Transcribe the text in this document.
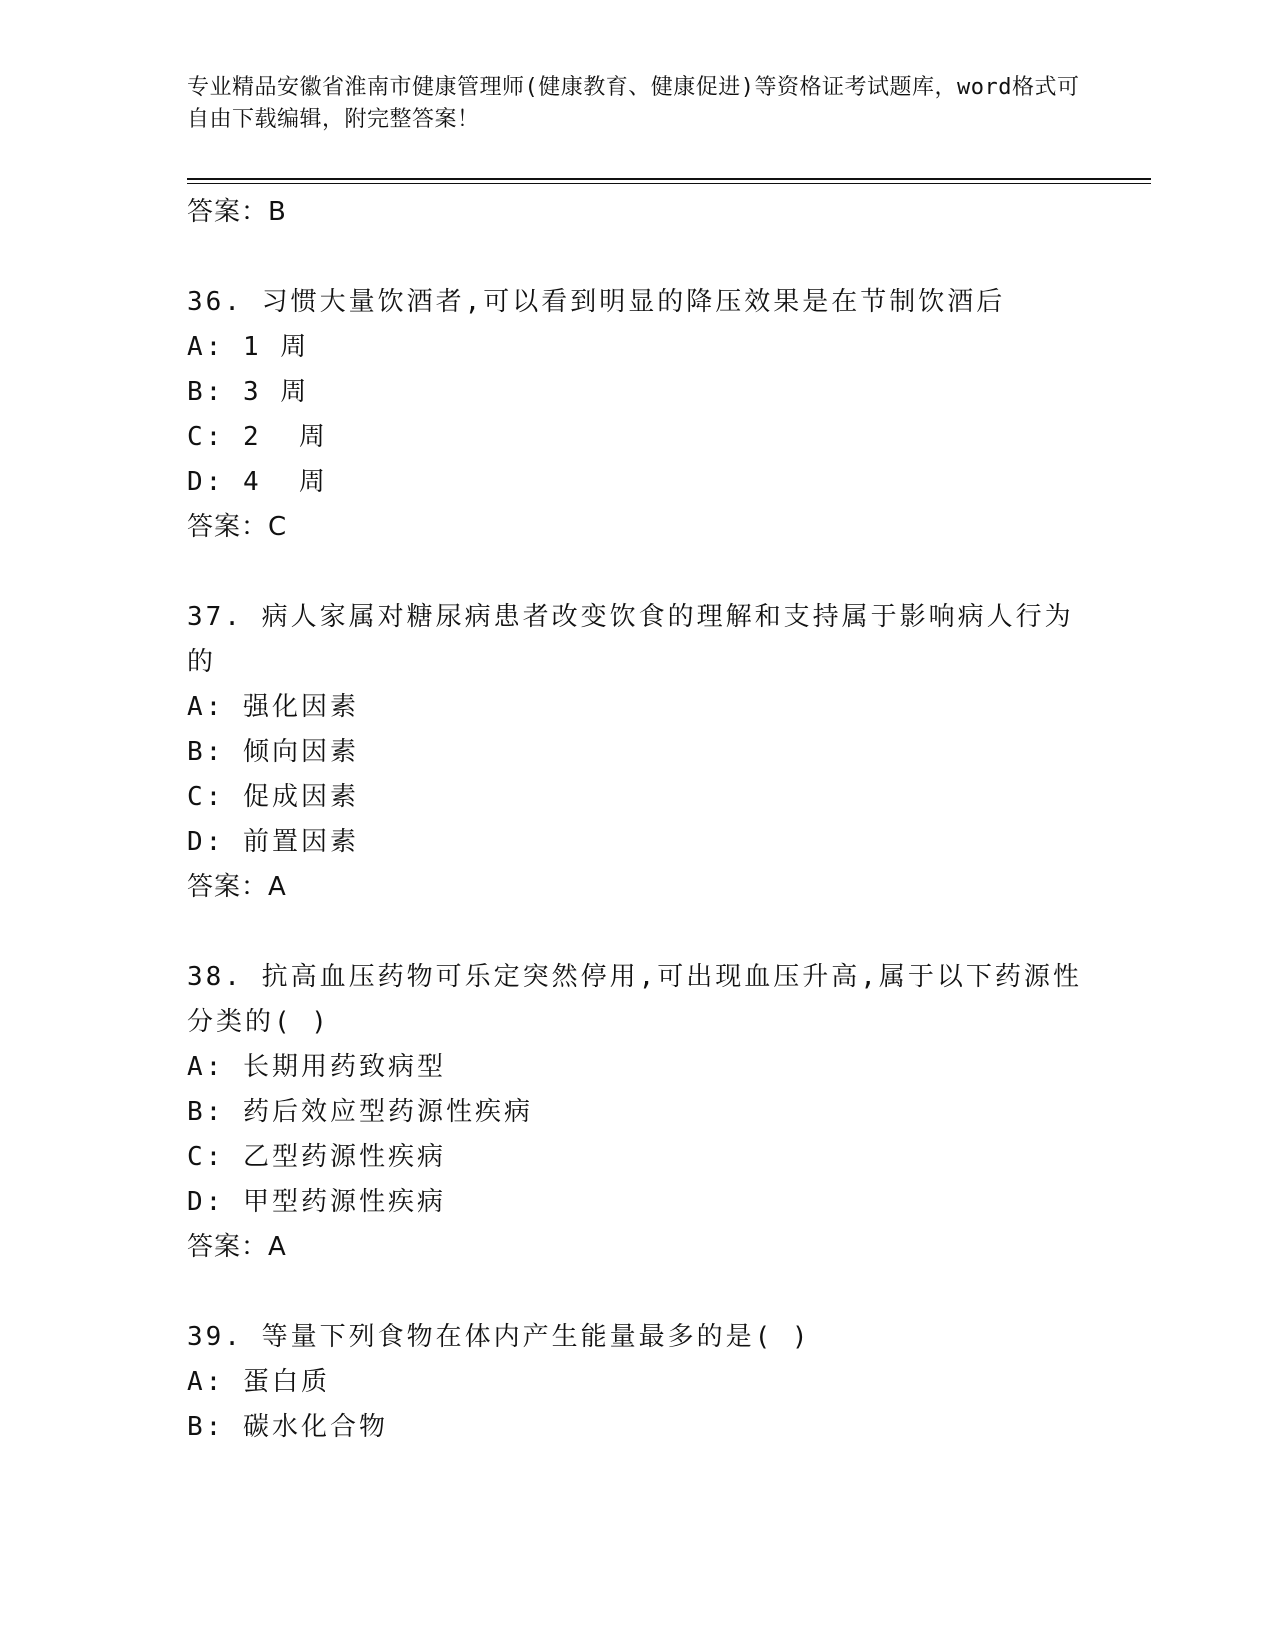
专业精品安徽省淮南市健康管理师(健康教育、健康促进)等资格证考试题库，word格式可自由下载编辑，附完整答案！
答案：B
36. 习惯大量饮酒者,可以看到明显的降压效果是在节制饮酒后
A: 1 周
B: 3 周
C: 2  周
D: 4  周
答案：C
37. 病人家属对糖尿病患者改变饮食的理解和支持属于影响病人行为的
A: 强化因素
B: 倾向因素
C: 促成因素
D: 前置因素
答案：A
38. 抗高血压药物可乐定突然停用,可出现血压升高,属于以下药源性分类的( )
A: 长期用药致病型
B: 药后效应型药源性疾病
C: 乙型药源性疾病
D: 甲型药源性疾病
答案：A
39. 等量下列食物在体内产生能量最多的是( )
A: 蛋白质
B: 碳水化合物
